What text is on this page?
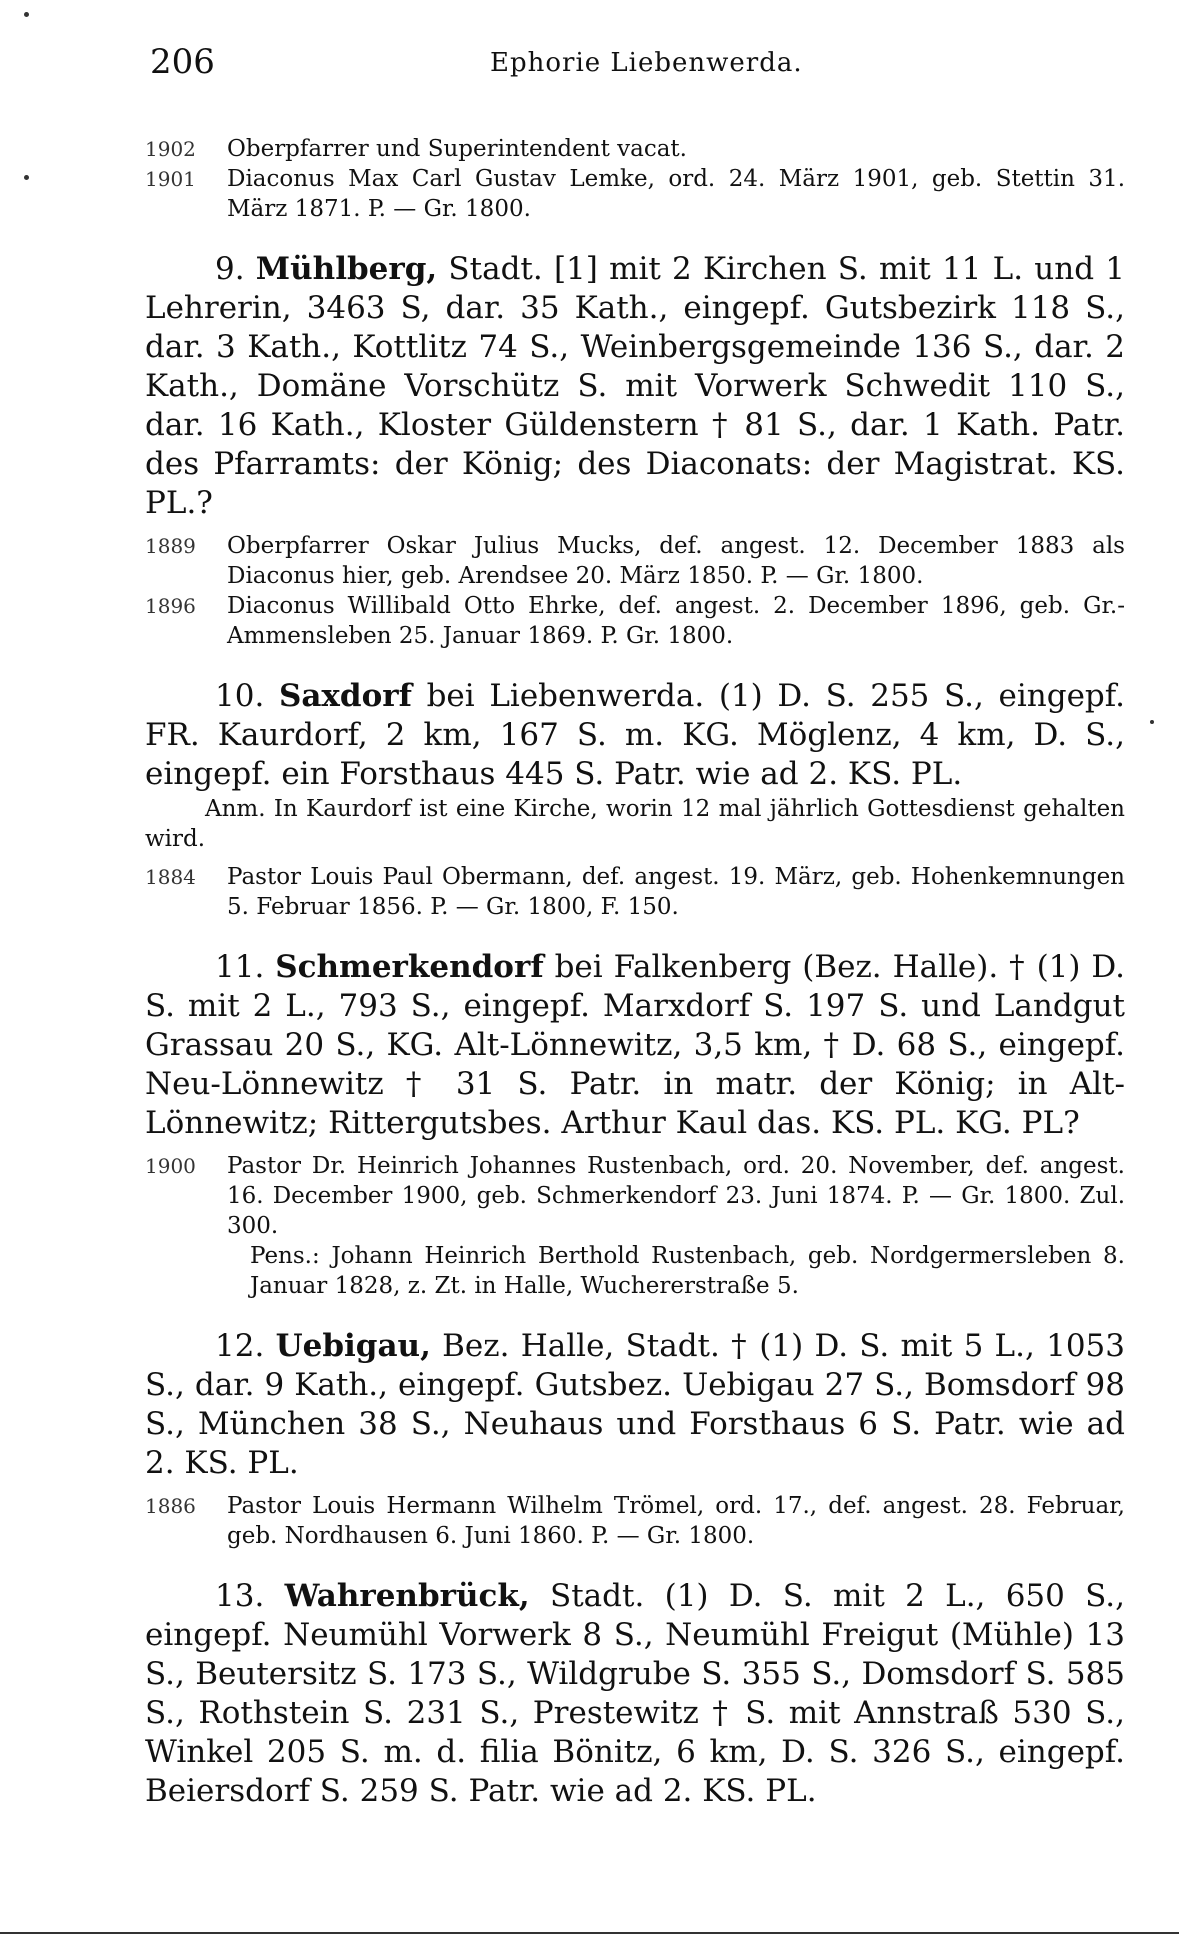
206	Ephorie Liebenwerda.
1902	Oberpfarrer und Superintendent vacat.
1901	Diaconus Max Carl Gustav Lemke, ord. 24. März 1901, geb. Stettin 31. März 1871. P. — Gr. 1800.
9. Mühlberg, Stadt. [1] mit 2 Kirchen S. mit 11 L. und 1 Lehrerin, 3463 S, dar. 35 Kath., eingepf. Gutsbezirk 118 S., dar. 3 Kath., Kottlitz 74 S., Weinbergsgemeinde 136 S., dar. 2 Kath., Domäne Vorschütz S. mit Vorwerk Schwedit 110 S., dar. 16 Kath., Kloster Güldenstern † 81 S., dar. 1 Kath. Patr. des Pfarramts: der König; des Diaconats: der Magistrat. KS. PL.?
1889	Oberpfarrer Oskar Julius Mucks, def. angest. 12. December 1883 als Diaconus hier, geb. Arendsee 20. März 1850. P. — Gr. 1800.
1896	Diaconus Willibald Otto Ehrke, def. angest. 2. December 1896, geb. Gr.-Ammensleben 25. Januar 1869. P. Gr. 1800.
10. Saxdorf bei Liebenwerda. (1) D. S. 255 S., eingepf. FR. Kaurdorf, 2 km, 167 S. m. KG. Möglenz, 4 km, D. S., eingepf. ein Forsthaus 445 S. Patr. wie ad 2. KS. PL.
Anm. In Kaurdorf ist eine Kirche, worin 12 mal jährlich Gottesdienst gehalten wird.
1884	Pastor Louis Paul Obermann, def. angest. 19. März, geb. Hohenkemnungen 5. Februar 1856. P. — Gr. 1800, F. 150.
11. Schmerkendorf bei Falkenberg (Bez. Halle). † (1) D. S. mit 2 L., 793 S., eingepf. Marxdorf S. 197 S. und Landgut Grassau 20 S., KG. Alt-Lönnewitz, 3,5 km, † D. 68 S., eingepf. Neu-Lönnewitz † 31 S. Patr. in matr. der König; in Alt-Lönnewitz; Rittergutsbes. Arthur Kaul das. KS. PL. KG. PL?
1900	Pastor Dr. Heinrich Johannes Rustenbach, ord. 20. November, def. angest. 16. December 1900, geb. Schmerkendorf 23. Juni 1874. P. — Gr. 1800. Zul. 300.
Pens.: Johann Heinrich Berthold Rustenbach, geb. Nordgermersleben 8. Januar 1828, z. Zt. in Halle, Wuchererstraße 5.
12. Uebigau, Bez. Halle, Stadt. † (1) D. S. mit 5 L., 1053 S., dar. 9 Kath., eingepf. Gutsbez. Uebigau 27 S., Bomsdorf 98 S., München 38 S., Neuhaus und Forsthaus 6 S. Patr. wie ad 2. KS. PL.
1886	Pastor Louis Hermann Wilhelm Trömel, ord. 17., def. angest. 28. Februar, geb. Nordhausen 6. Juni 1860. P. — Gr. 1800.
13. Wahrenbrück, Stadt. (1) D. S. mit 2 L., 650 S., eingepf. Neumühl Vorwerk 8 S., Neumühl Freigut (Mühle) 13 S., Beutersitz S. 173 S., Wildgrube S. 355 S., Domsdorf S. 585 S., Rothstein S. 231 S., Prestewitz † S. mit Annstraß 530 S., Winkel 205 S. m. d. filia Bönitz, 6 km, D. S. 326 S., eingepf. Beiersdorf S. 259 S. Patr. wie ad 2. KS. PL.
